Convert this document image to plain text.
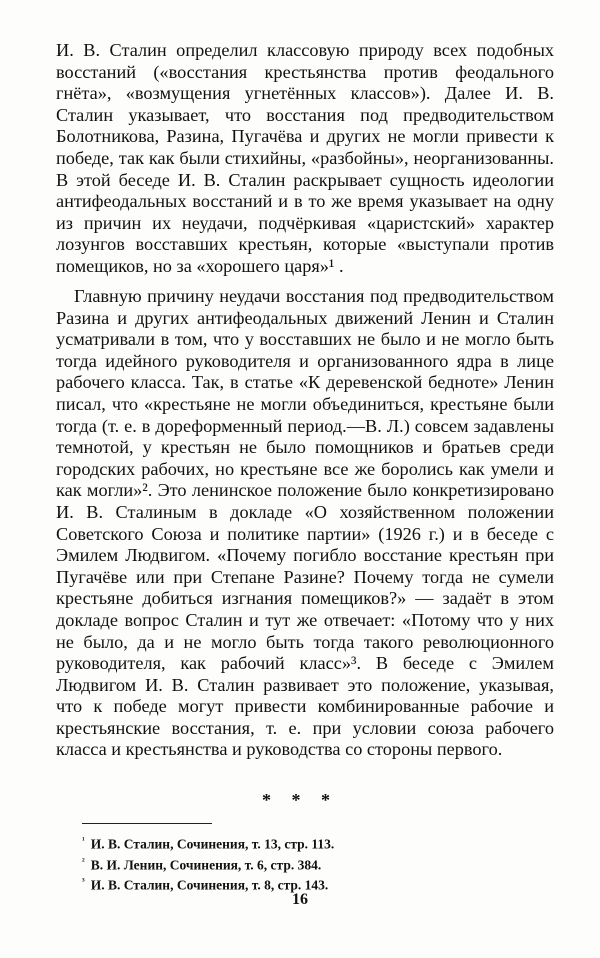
И. В. Сталин определил классовую природу всех подобных восстаний («восстания крестьянства против феодального гнёта», «возмущения угнетённых классов»). Далее И. В. Сталин указывает, что восстания под предводительством Болотникова, Разина, Пугачёва и других не могли привести к победе, так как были стихийны, «разбойны», неорганизованны. В этой беседе И. В. Сталин раскрывает сущность идеологии антифеодальных восстаний и в то же время указывает на одну из причин их неудачи, подчёркивая «царистский» характер лозунгов восставших крестьян, которые «выступали против помещиков, но за «хорошего царя»¹ .

Главную причину неудачи восстания под предводительством Разина и других антифеодальных движений Ленин и Сталин усматривали в том, что у восставших не было и не могло быть тогда идейного руководителя и организованного ядра в лице рабочего класса. Так, в статье «К деревенской бедноте» Ленин писал, что «крестьяне не могли объединиться, крестьяне были тогда (т. е. в дореформенный период.—В. Л.) совсем задавлены темнотой, у крестьян не было помощников и братьев среди городских рабочих, но крестьяне все же боролись как умели и как могли»². Это ленинское положение было конкретизировано И. В. Сталиным в докладе «О хозяйственном положении Советского Союза и политике партии» (1926 г.) и в беседе с Эмилем Людвигом. «Почему погибло восстание крестьян при Пугачёве или при Степане Разине? Почему тогда не сумели крестьяне добиться изгнания помещиков?» — задаёт в этом докладе вопрос Сталин и тут же отвечает: «Потому что у них не было, да и не могло быть тогда такого революционного руководителя, как рабочий класс»³. В беседе с Эмилем Людвигом И. В. Сталин развивает это положение, указывая, что к победе могут привести комбинированные рабочие и крестьянские восстания, т. е. при условии союза рабочего класса и крестьянства и руководства со стороны первого.

* * *
$^{^1}$ И. В. Сталин, Сочинения, т. 13, стр. 113.
$^{^2}$ В. И. Ленин, Сочинения, т. 6, стр. 384.
$^{^3}$ И. В. Сталин, Сочинения, т. 8, стр. 143.
16
